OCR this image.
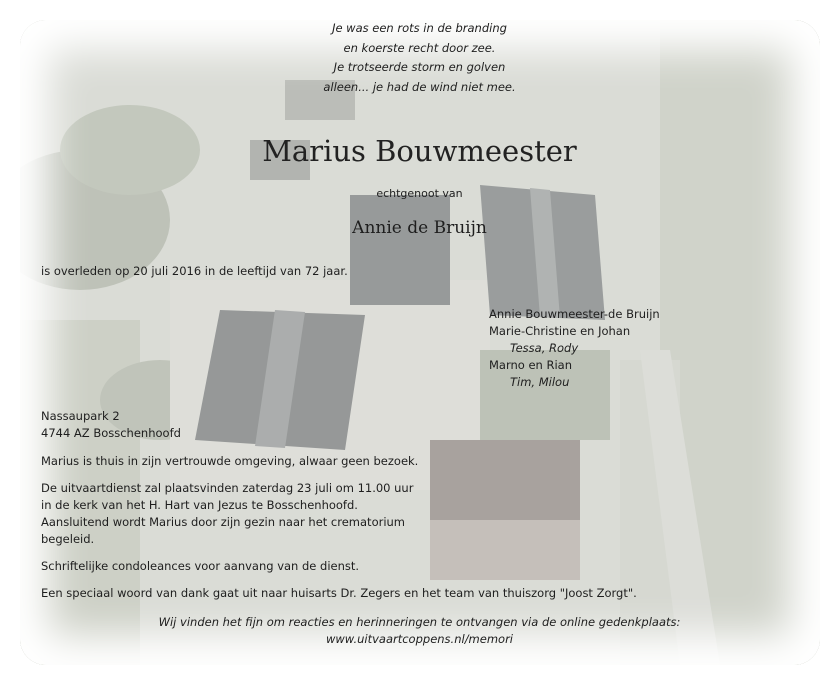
Je was een rots in de branding
en koerste recht door zee.
Je trotseerde storm en golven
alleen... je had de wind niet mee.
Marius Bouwmeester
echtgenoot van
Annie de Bruijn
is overleden op 20 juli 2016 in de leeftijd van 72 jaar.
Annie Bouwmeester-de Bruijn
Marie-Christine en Johan
Tessa, Rody
Marno en Rian
Tim, Milou
Nassaupark 2
4744 AZ Bosschenhoofd
Marius is thuis in zijn vertrouwde omgeving, alwaar geen bezoek.
De uitvaartdienst zal plaatsvinden zaterdag 23 juli om 11.00 uur
in de kerk van het H. Hart van Jezus te Bosschenhoofd.
Aansluitend wordt Marius door zijn gezin naar het crematorium
begeleid.
Schriftelijke condoleances voor aanvang van de dienst.
Een speciaal woord van dank gaat uit naar huisarts Dr. Zegers en het team van thuiszorg "Joost Zorgt".
Wij vinden het fijn om reacties en herinneringen te ontvangen via de online gedenkplaats:
www.uitvaartcoppens.nl/memori
